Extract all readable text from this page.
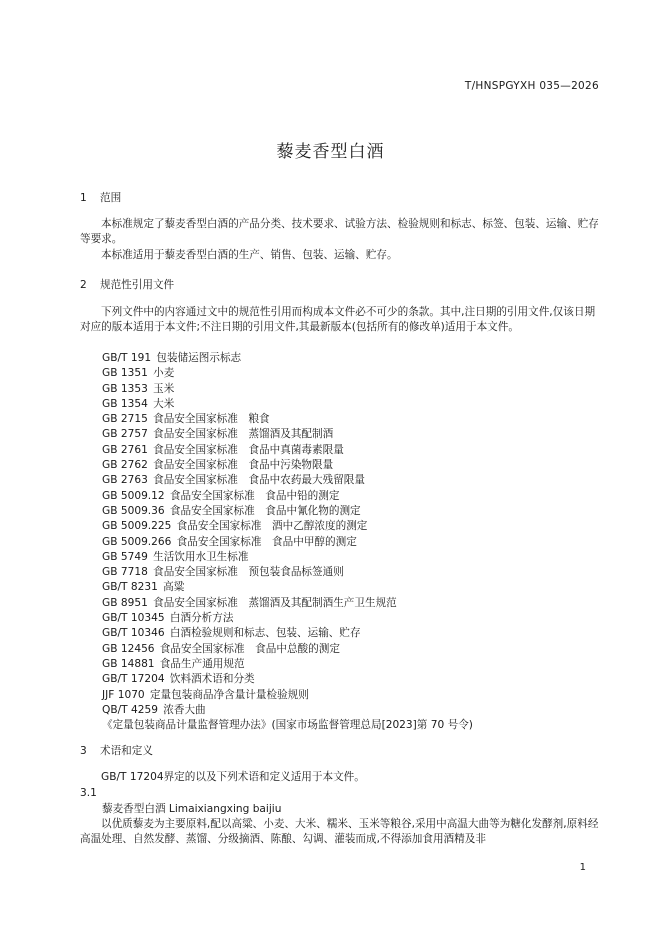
T/HNSPGYXH 035—2026
藜麦香型白酒
1 范围
本标准规定了藜麦香型白酒的产品分类、技术要求、试验方法、检验规则和标志、标签、包装、运输、贮存等要求。
本标准适用于藜麦香型白酒的生产、销售、包装、运输、贮存。
2 规范性引用文件
下列文件中的内容通过文中的规范性引用而构成本文件必不可少的条款。其中,注日期的引用文件,仅该日期对应的版本适用于本文件;不注日期的引用文件,其最新版本(包括所有的修改单)适用于本文件。
GB/T 191  包装储运图示标志
GB 1351  小麦
GB 1353  玉米
GB 1354  大米
GB 2715  食品安全国家标准　粮食
GB 2757  食品安全国家标准　蒸馏酒及其配制酒
GB 2761  食品安全国家标准　食品中真菌毒素限量
GB 2762  食品安全国家标准　食品中污染物限量
GB 2763  食品安全国家标准　食品中农药最大残留限量
GB 5009.12  食品安全国家标准　食品中铅的测定
GB 5009.36  食品安全国家标准　食品中氰化物的测定
GB 5009.225  食品安全国家标准　酒中乙醇浓度的测定
GB 5009.266  食品安全国家标准　食品中甲醇的测定
GB 5749  生活饮用水卫生标准
GB 7718  食品安全国家标准　预包装食品标签通则
GB/T 8231  高粱
GB 8951  食品安全国家标准　蒸馏酒及其配制酒生产卫生规范
GB/T 10345  白酒分析方法
GB/T 10346  白酒检验规则和标志、包装、运输、贮存
GB 12456  食品安全国家标准　食品中总酸的测定
GB 14881  食品生产通用规范
GB/T 17204  饮料酒术语和分类
JJF 1070  定量包装商品净含量计量检验规则
QB/T 4259  浓香大曲
《定量包装商品计量监督管理办法》(国家市场监督管理总局[2023]第 70 号令)
3 术语和定义
GB/T 17204界定的以及下列术语和定义适用于本文件。
3.1
藜麦香型白酒 Limaixiangxing baijiu
以优质藜麦为主要原料,配以高粱、小麦、大米、糯米、玉米等粮谷,采用中高温大曲等为糖化发酵剂,原料经高温处理、自然发酵、蒸馏、分级摘酒、陈酿、勾调、灌装而成,不得添加食用酒精及非
1
